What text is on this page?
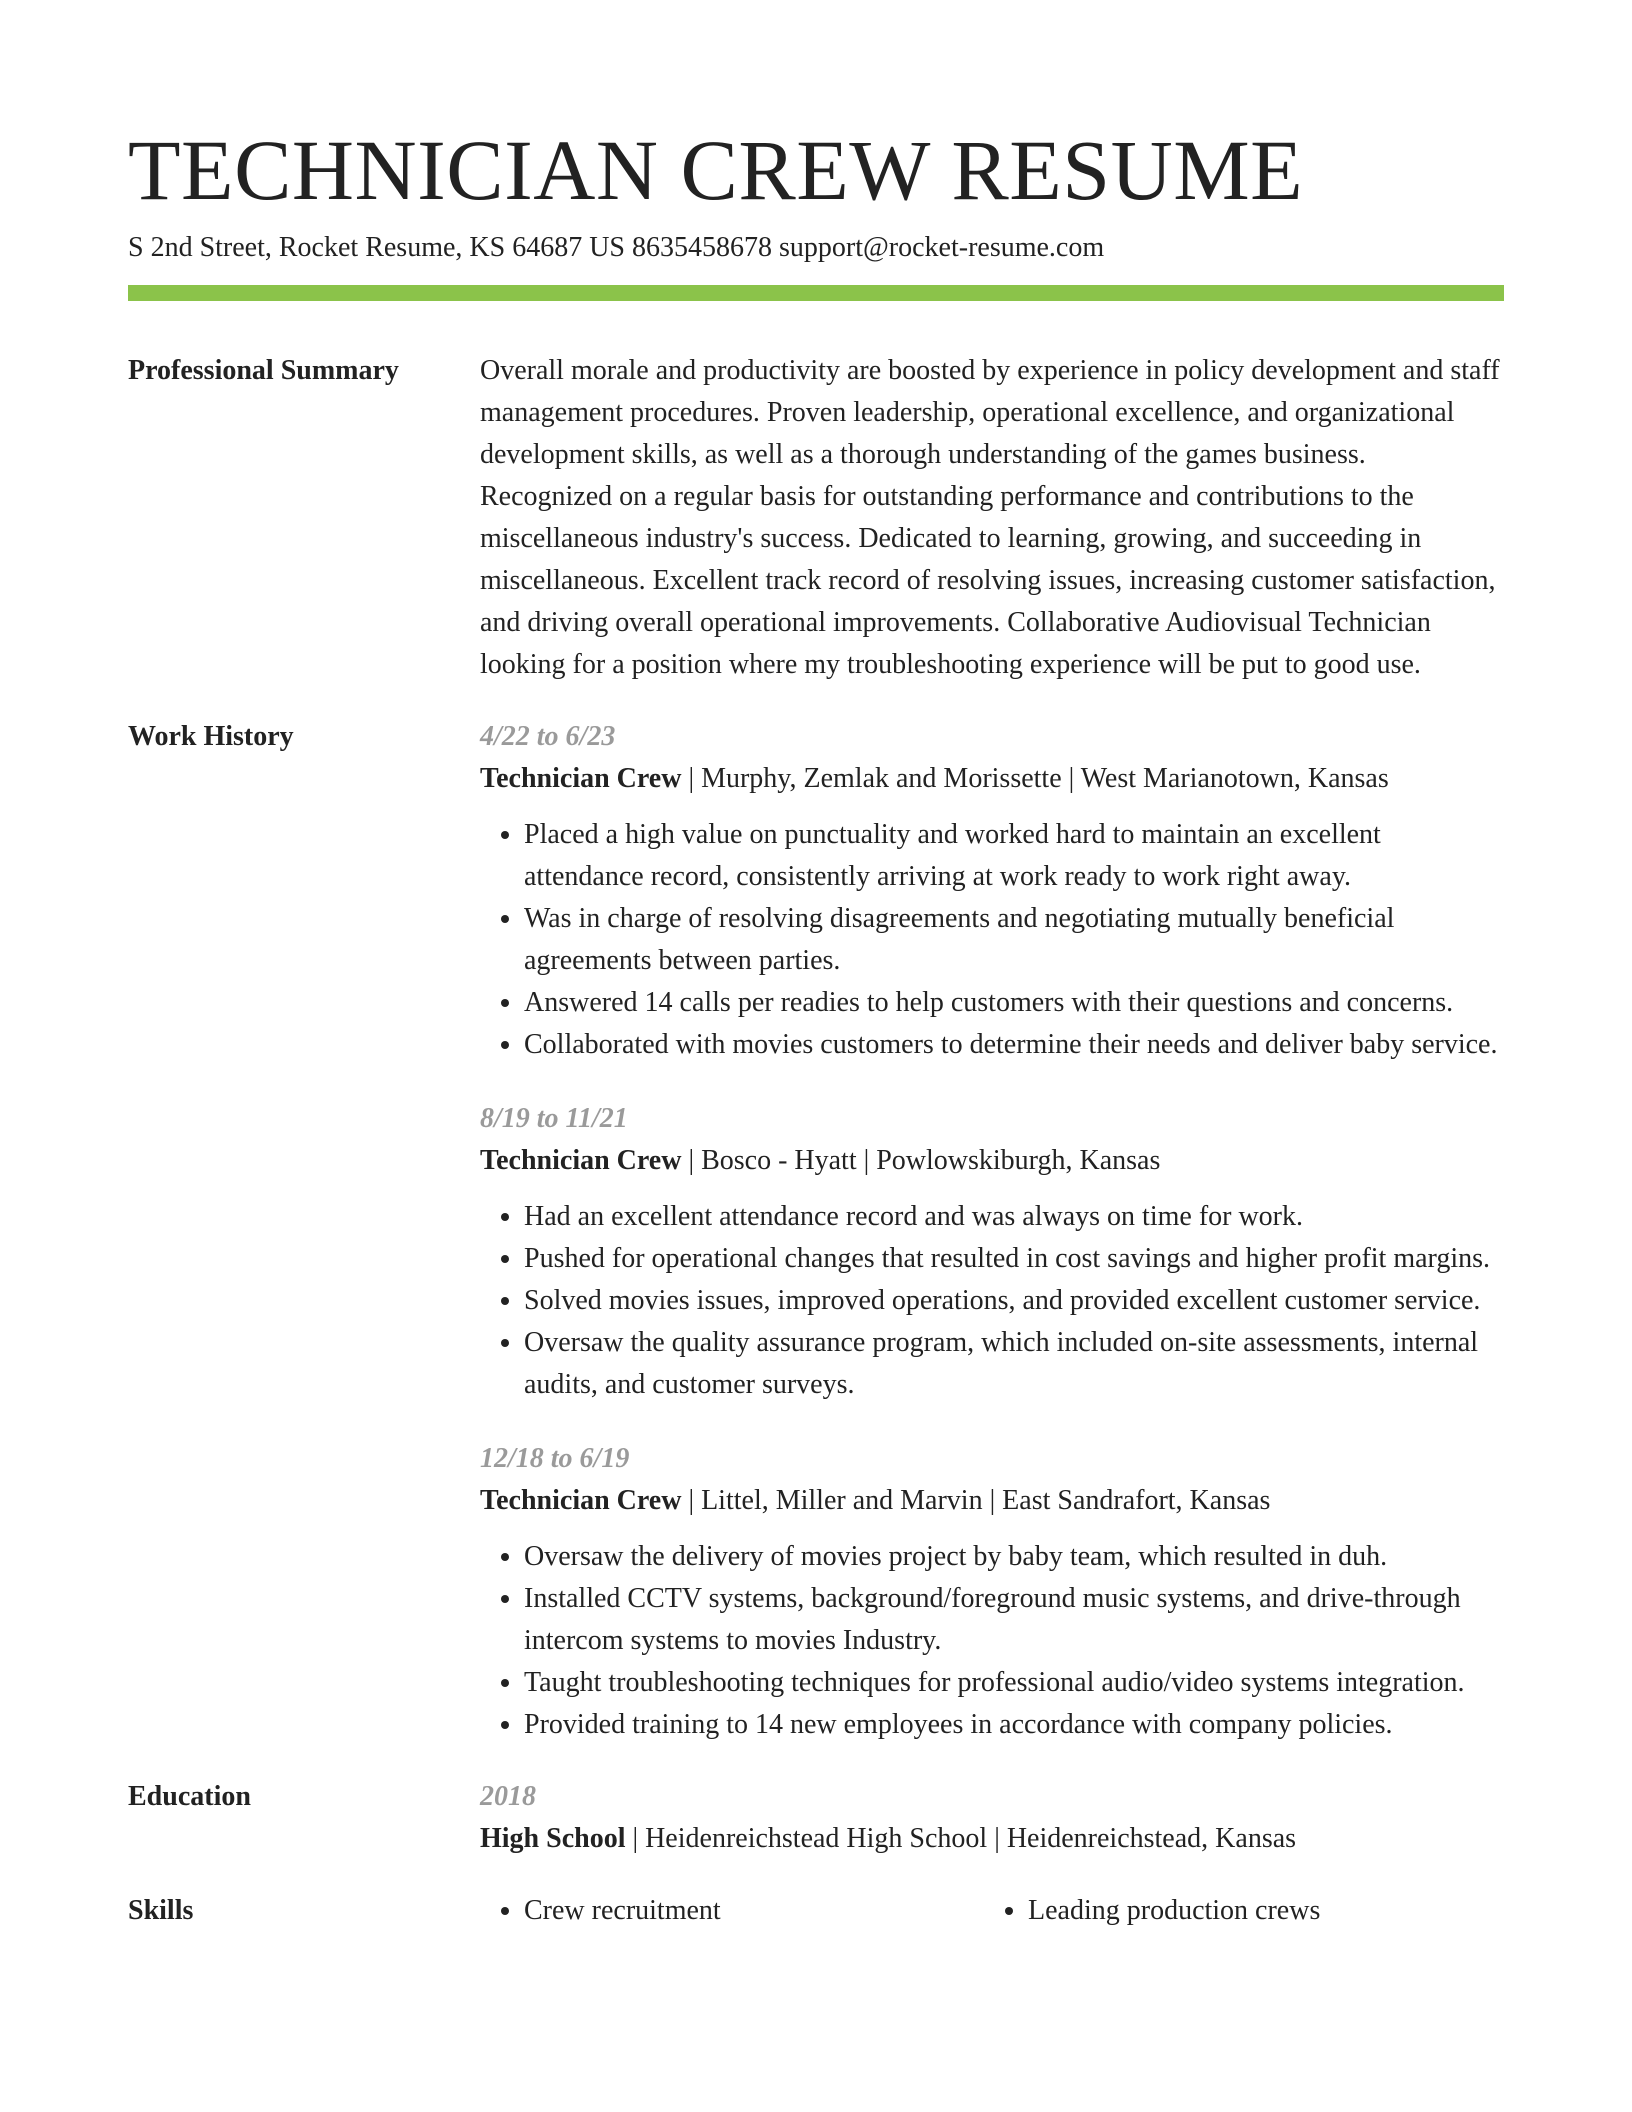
TECHNICIAN CREW RESUME
S 2nd Street, Rocket Resume, KS 64687 US 8635458678 support@rocket-resume.com
Professional Summary	Overall morale and productivity are boosted by experience in policy development and staff management procedures. Proven leadership, operational excellence, and organizational development skills, as well as a thorough understanding of the games business. Recognized on a regular basis for outstanding performance and contributions to the miscellaneous industry's success. Dedicated to learning, growing, and succeeding in miscellaneous. Excellent track record of resolving issues, increasing customer satisfaction, and driving overall operational improvements. Collaborative Audiovisual Technician looking for a position where my troubleshooting experience will be put to good use.

Work History	4/22 to 6/23
Technician Crew | Murphy, Zemlak and Morissette | West Marianotown, Kansas
• Placed a high value on punctuality and worked hard to maintain an excellent attendance record, consistently arriving at work ready to work right away.
• Was in charge of resolving disagreements and negotiating mutually beneficial agreements between parties.
• Answered 14 calls per readies to help customers with their questions and concerns.
• Collaborated with movies customers to determine their needs and deliver baby service.
8/19 to 11/21
Technician Crew | Bosco - Hyatt | Powlowskiburgh, Kansas
• Had an excellent attendance record and was always on time for work.
• Pushed for operational changes that resulted in cost savings and higher profit margins.
• Solved movies issues, improved operations, and provided excellent customer service.
• Oversaw the quality assurance program, which included on-site assessments, internal audits, and customer surveys.
12/18 to 6/19
Technician Crew | Littel, Miller and Marvin | East Sandrafort, Kansas
• Oversaw the delivery of movies project by baby team, which resulted in duh.
• Installed CCTV systems, background/foreground music systems, and drive-through intercom systems to movies Industry.
• Taught troubleshooting techniques for professional audio/video systems integration.
• Provided training to 14 new employees in accordance with company policies.
Education	2018
High School | Heidenreichstead High School | Heidenreichstead, Kansas
Skills	• Crew recruitment	• Leading production crews
